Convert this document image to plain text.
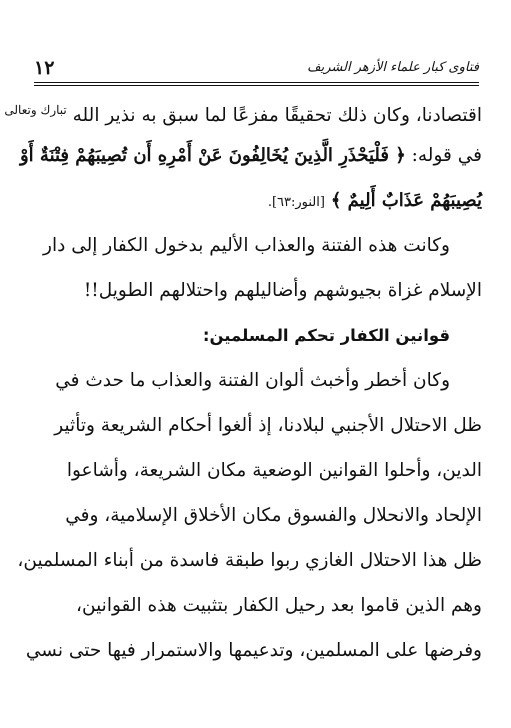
١٢	فتاوى كبار علماء الأزهر الشريف
اقتصادنا، وكان ذلك تحقيقًا مفزعًا لما سبق به نذير الله $^{تبارك وتعالى}$
في قوله: ﴿ فَلْيَحْذَرِ الَّذِينَ يُخَالِفُونَ عَنْ أَمْرِهِ أَن تُصِيبَهُمْ فِتْنَةٌ أَوْ
يُصِيبَهُمْ عَذَابٌ أَلِيمٌ ﴾ [النور:٦٣].
وكانت هذه الفتنة والعذاب الأليم بدخول الكفار إلى دار
الإسلام غزاة بجيوشهم وأضاليلهم واحتلالهم الطويل!!
قوانين الكفار تحكم المسلمين:
وكان أخطر وأخبث ألوان الفتنة والعذاب ما حدث في
ظل الاحتلال الأجنبي لبلادنا، إذ ألغوا أحكام الشريعة وتأثير
الدين، وأحلوا القوانين الوضعية مكان الشريعة، وأشاعوا
الإلحاد والانحلال والفسوق مكان الأخلاق الإسلامية، وفي
ظل هذا الاحتلال الغازي ربوا طبقة فاسدة من أبناء المسلمين،
وهم الذين قاموا بعد رحيل الكفار بتثبيت هذه القوانين،
وفرضها على المسلمين، وتدعيمها والاستمرار فيها حتى نسي
